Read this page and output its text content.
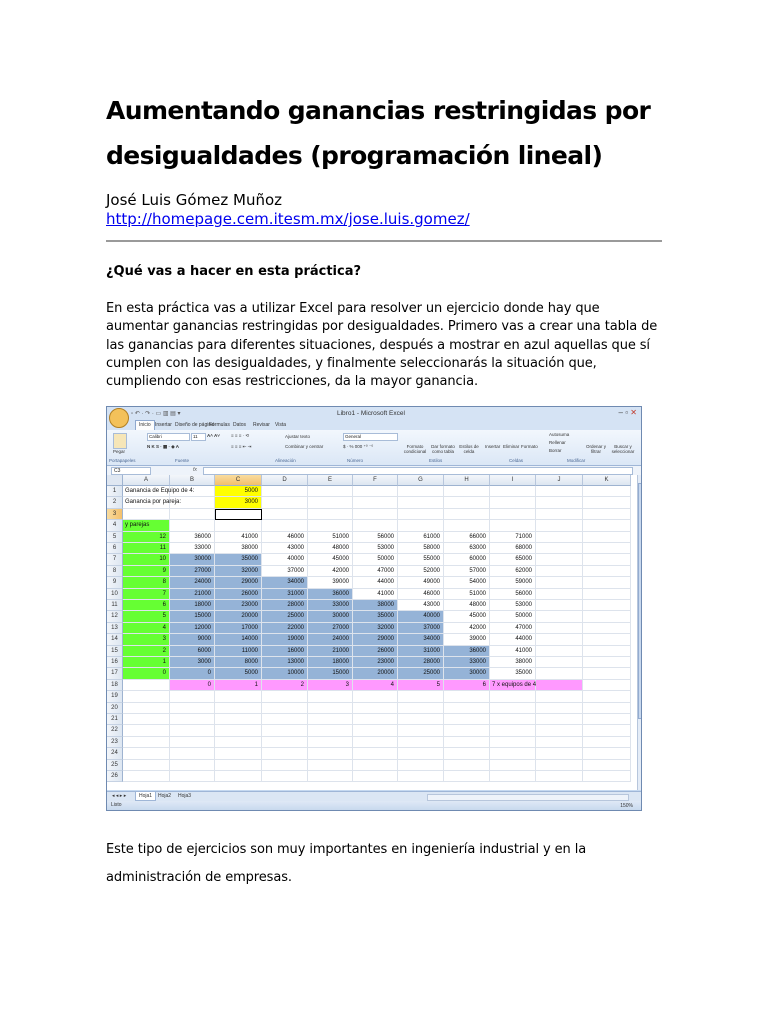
Aumentando ganancias restringidas por desigualdades (programación lineal)
José Luis Gómez Muñoz
http://homepage.cem.itesm.mx/jose.luis.gomez/
¿Qué vas a hacer en esta práctica?
En esta práctica vas a utilizar Excel para resolver un ejercicio donde hay que aumentar ganancias restringidas por desigualdades. Primero vas a crear una tabla de las ganancias para diferentes situaciones, después a mostrar en azul aquellas que sí cumplen con las desigualdades, y finalmente seleccionarás la situación que, cumpliendo con esas restricciones, da la mayor ganancia.
▫ ↶ · ↷ · ▭ ▥ ▤ ▾	Libro1 - Microsoft Excel	– ▫ ✕
Inicio Insertar Diseño de página
Fórmulas Datos Revisar Vista
Pegar
Calibri	11	A˄ A˅
N K S · ▦ · ◈ A
≡ ≡ ≡ · ⟲
≡ ≡ ≡ ⇤ ⇥
Ajustar texto
Combinar y centrar
General
$ · % 000 ⁺⁰ ⁻⁰	Formato condicional
Dar formato como tabla
Estilos de celda
Insertar Eliminar Formato
Autosuma
Rellenar
Borrar
Ordenar y filtrar
Buscar y seleccionar
Portapapeles	Fuente	Alineación	Número	Estilos	Celdas	Modificar
C3	fx
A	B	C	D	E	F	G	H	I	J	K
1	Ganancia de Equipo de 4:	5000
2	Ganancia por pareja:	3000
3
4	y parejas
5	12	36000	41000	46000	51000	56000	61000	66000	71000
6	11	33000	38000	43000	48000	53000	58000	63000	68000
7	10	30000	35000	40000	45000	50000	55000	60000	65000
8	9	27000	32000	37000	42000	47000	52000	57000	62000
9	8	24000	29000	34000	39000	44000	49000	54000	59000
10	7	21000	26000	31000	36000	41000	46000	51000	56000
11	6	18000	23000	28000	33000	38000	43000	48000	53000
12	5	15000	20000	25000	30000	35000	40000	45000	50000
13	4	12000	17000	22000	27000	32000	37000	42000	47000
14	3	9000	14000	19000	24000	29000	34000	39000	44000
15	2	6000	11000	16000	21000	26000	31000	36000	41000
16	1	3000	8000	13000	18000	23000	28000	33000	38000
17	0	0	5000	10000	15000	20000	25000	30000	35000
18	0	1	2	3	4	5	6	7 x equipos de 4
19
20
21
22
23
24
25
26
◂ ◂ ▸ ▸	Hoja1	Hoja2	Hoja3
Listo	150%
Este tipo de ejercicios son muy importantes en ingeniería industrial y en la administración de empresas.
